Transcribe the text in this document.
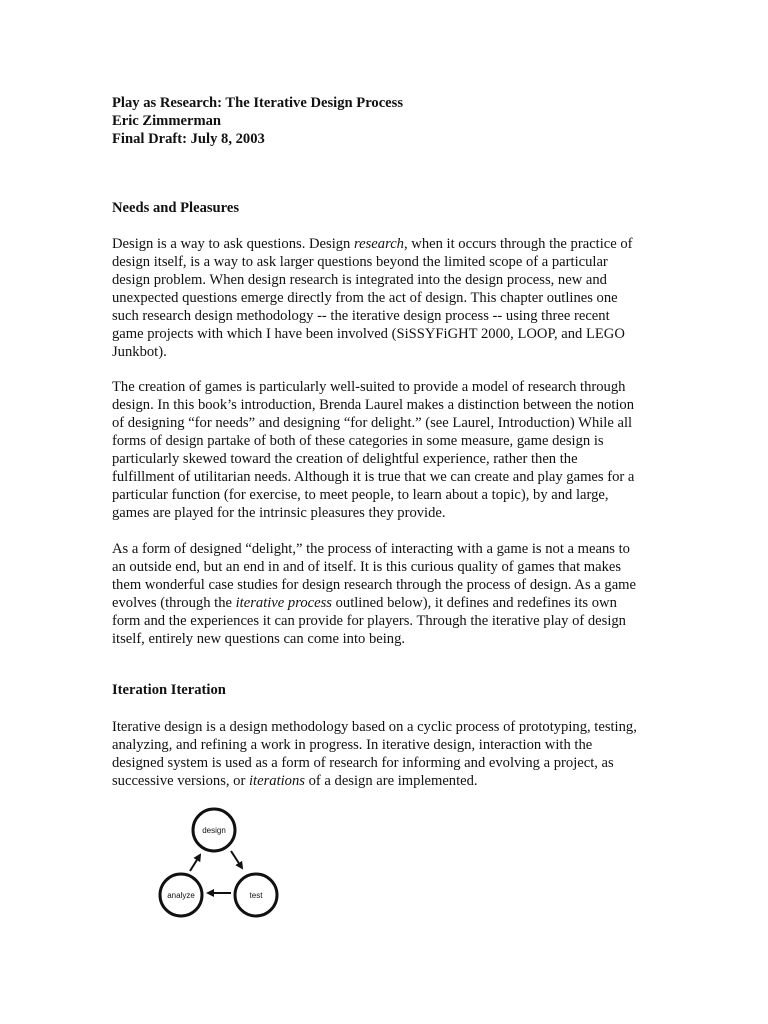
Play as Research: The Iterative Design Process
Eric Zimmerman
Final Draft: July 8, 2003
Needs and Pleasures
Design is a way to ask questions. Design research, when it occurs through the practice of
design itself, is a way to ask larger questions beyond the limited scope of a particular
design problem. When design research is integrated into the design process, new and
unexpected questions emerge directly from the act of design. This chapter outlines one
such research design methodology -- the iterative design process -- using three recent
game projects with which I have been involved (SiSSYFiGHT 2000, LOOP, and LEGO
Junkbot).
The creation of games is particularly well-suited to provide a model of research through
design. In this book’s introduction, Brenda Laurel makes a distinction between the notion
of designing “for needs” and designing “for delight.” (see Laurel, Introduction) While all
forms of design partake of both of these categories in some measure, game design is
particularly skewed toward the creation of delightful experience, rather then the
fulfillment of utilitarian needs. Although it is true that we can create and play games for a
particular function (for exercise, to meet people, to learn about a topic), by and large,
games are played for the intrinsic pleasures they provide.
As a form of designed “delight,” the process of interacting with a game is not a means to
an outside end, but an end in and of itself. It is this curious quality of games that makes
them wonderful case studies for design research through the process of design. As a game
evolves (through the iterative process outlined below), it defines and redefines its own
form and the experiences it can provide for players. Through the iterative play of design
itself, entirely new questions can come into being.
Iteration Iteration
Iterative design is a design methodology based on a cyclic process of prototyping, testing,
analyzing, and refining a work in progress. In iterative design, interaction with the
designed system is used as a form of research for informing and evolving a project, as
successive versions, or iterations of a design are implemented.
design
test
analyze
